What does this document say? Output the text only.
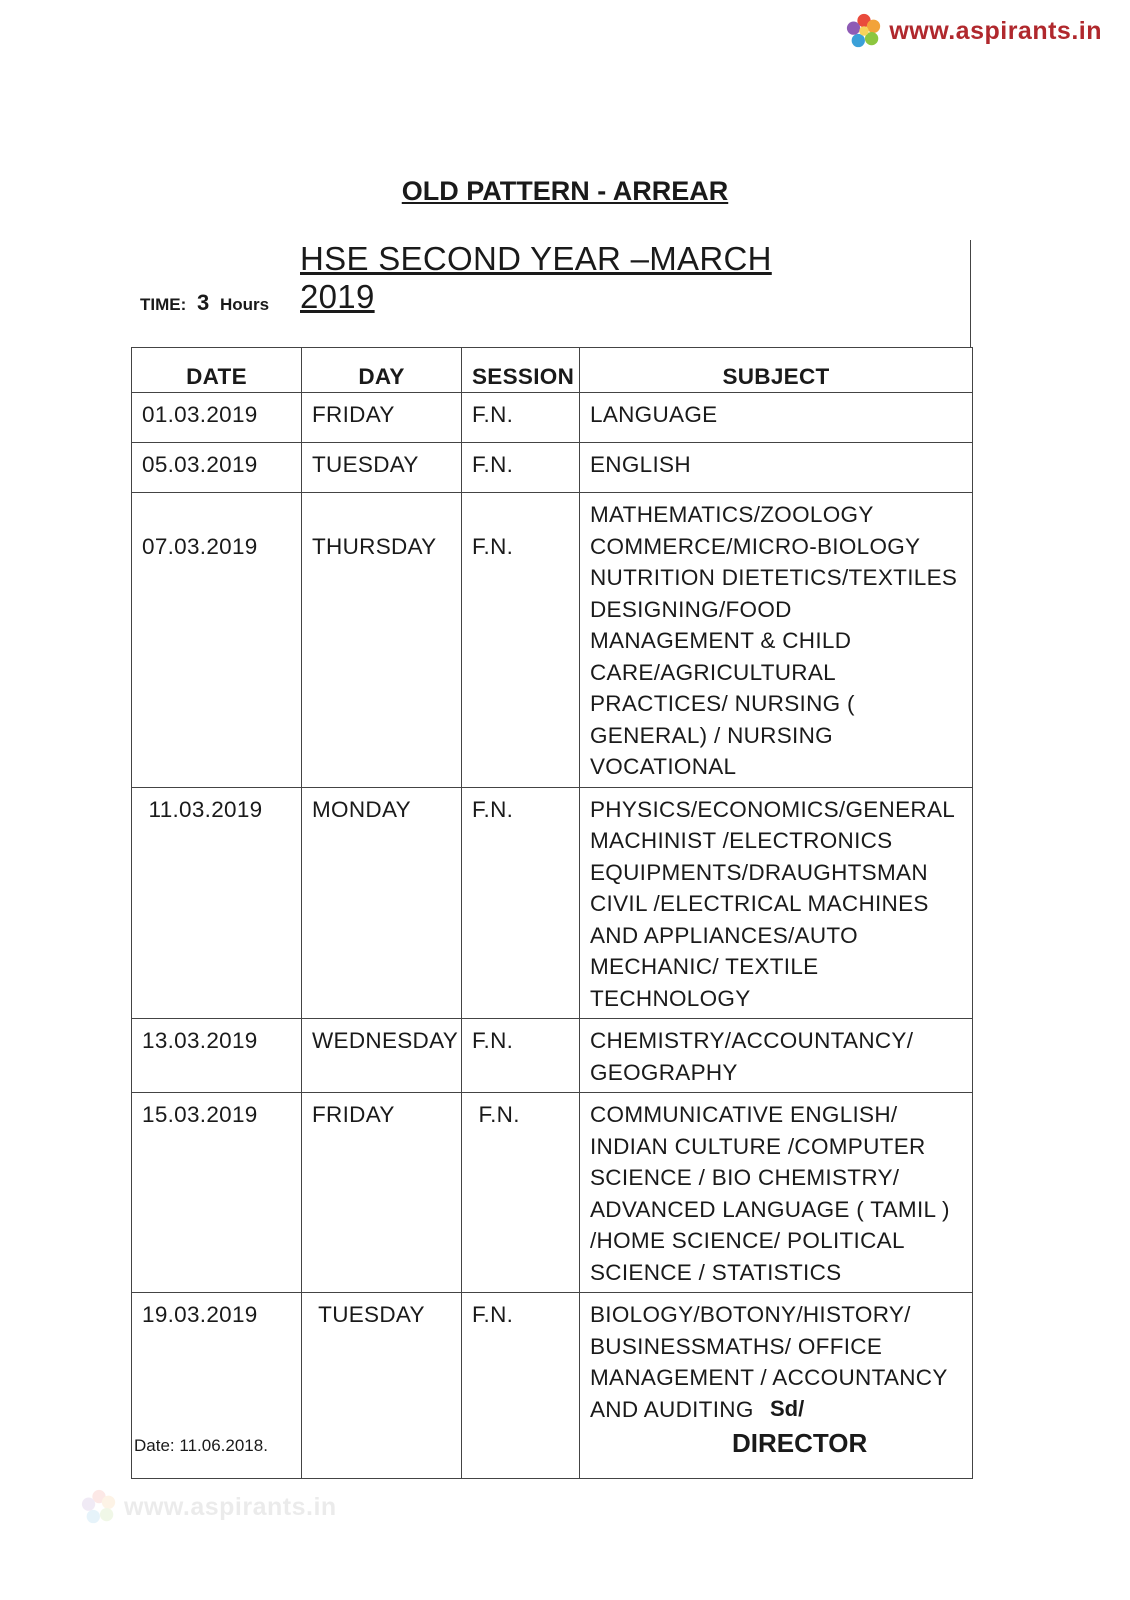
www.aspirants.in
OLD PATTERN - ARREAR
HSE SECOND YEAR –MARCH 2019
TIME: 3 Hours
DATE	DAY	SESSION	SUBJECT
01.03.2019	FRIDAY	F.N.	LANGUAGE
05.03.2019	TUESDAY	F.N.	ENGLISH
07.03.2019	THURSDAY	F.N.	MATHEMATICS/ZOOLOGY COMMERCE/MICRO-BIOLOGY NUTRITION DIETETICS/TEXTILES DESIGNING/FOOD MANAGEMENT & CHILD CARE/AGRICULTURAL PRACTICES/ NURSING ( GENERAL) / NURSING VOCATIONAL
11.03.2019	MONDAY	F.N.	PHYSICS/ECONOMICS/GENERAL MACHINIST /ELECTRONICS EQUIPMENTS/DRAUGHTSMAN CIVIL /ELECTRICAL MACHINES AND APPLIANCES/AUTO MECHANIC/ TEXTILE TECHNOLOGY
13.03.2019	WEDNESDAY	F.N.	CHEMISTRY/ACCOUNTANCY/ GEOGRAPHY
15.03.2019	FRIDAY	F.N.	COMMUNICATIVE ENGLISH/ INDIAN CULTURE /COMPUTER SCIENCE / BIO CHEMISTRY/ ADVANCED LANGUAGE ( TAMIL ) /HOME SCIENCE/ POLITICAL SCIENCE / STATISTICS
19.03.2019	TUESDAY	F.N.	BIOLOGY/BOTONY/HISTORY/ BUSINESSMATHS/ OFFICE MANAGEMENT / ACCOUNTANCY AND AUDITING Sd/
DIRECTOR
Date: 11.06.2018.
www.aspirants.in
